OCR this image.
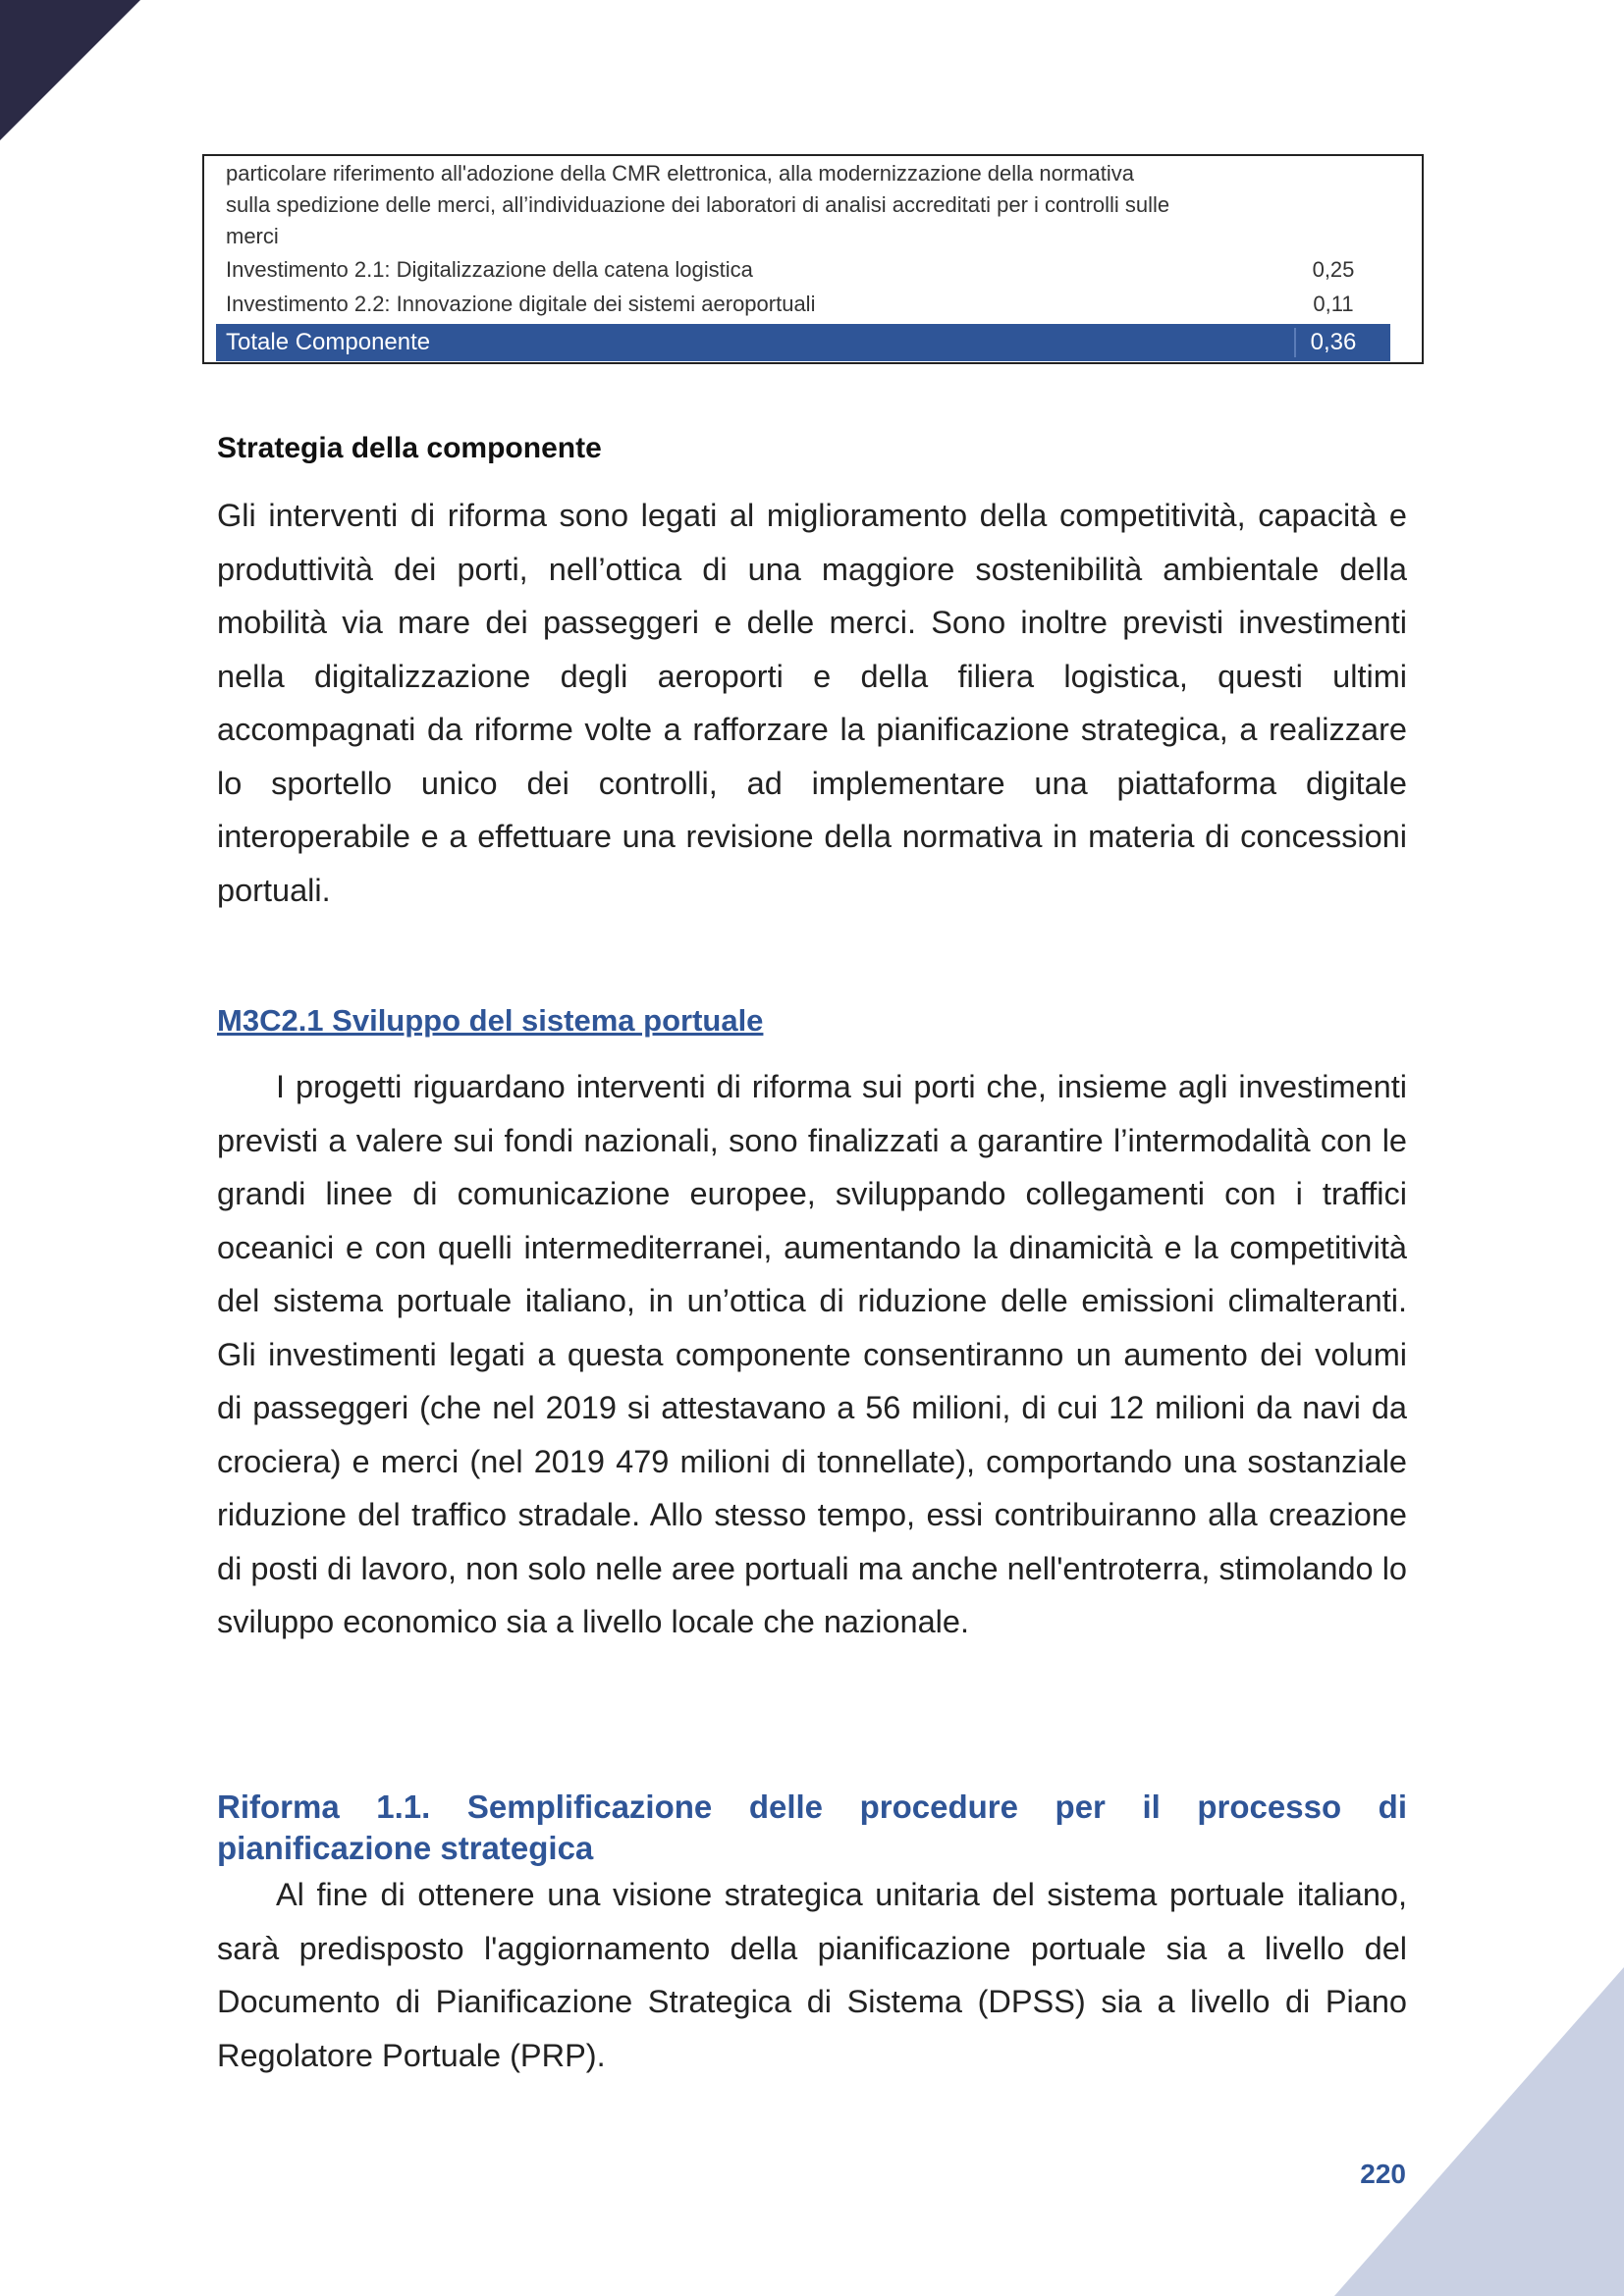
particolare riferimento all'adozione della CMR elettronica, alla modernizzazione della normativa
sulla spedizione delle merci, all’individuazione dei laboratori di analisi accreditati per i controlli sulle
merci
Investimento 2.1: Digitalizzazione della catena logistica	0,25
Investimento 2.2: Innovazione digitale dei sistemi aeroportuali	0,11
Totale Componente	0,36
Strategia della componente

Gli interventi di riforma sono legati al miglioramento della competitività, capacità e produttività dei porti, nell’ottica di una maggiore sostenibilità ambientale della mobilità via mare dei passeggeri e delle merci. Sono inoltre previsti investimenti nella digitalizzazione degli aeroporti e della filiera logistica, questi ultimi accompagnati da riforme volte a rafforzare la pianificazione strategica, a realizzare lo sportello unico dei controlli, ad implementare una piattaforma digitale interoperabile e a effettuare una revisione della normativa in materia di concessioni portuali.

M3C2.1 Sviluppo del sistema portuale

I progetti riguardano interventi di riforma sui porti che, insieme agli investimenti previsti a valere sui fondi nazionali, sono finalizzati a garantire l’intermodalità con le grandi linee di comunicazione europee, sviluppando collegamenti con i traffici oceanici e con quelli intermediterranei, aumentando la dinamicità e la competitività del sistema portuale italiano, in un’ottica di riduzione delle emissioni climalteranti. Gli investimenti legati a questa componente consentiranno un aumento dei volumi di passeggeri (che nel 2019 si attestavano a 56 milioni, di cui 12 milioni da navi da crociera) e merci (nel 2019 479 milioni di tonnellate), comportando una sostanziale riduzione del traffico stradale. Allo stesso tempo, essi contribuiranno alla creazione di posti di lavoro, non solo nelle aree portuali ma anche nell'entroterra, stimolando lo sviluppo economico sia a livello locale che nazionale.

Riforma 1.1. Semplificazione delle procedure per il processo di pianificazione strategica

Al fine di ottenere una visione strategica unitaria del sistema portuale italiano, sarà predisposto l'aggiornamento della pianificazione portuale sia a livello del Documento di Pianificazione Strategica di Sistema (DPSS) sia a livello di Piano Regolatore Portuale (PRP).

220
